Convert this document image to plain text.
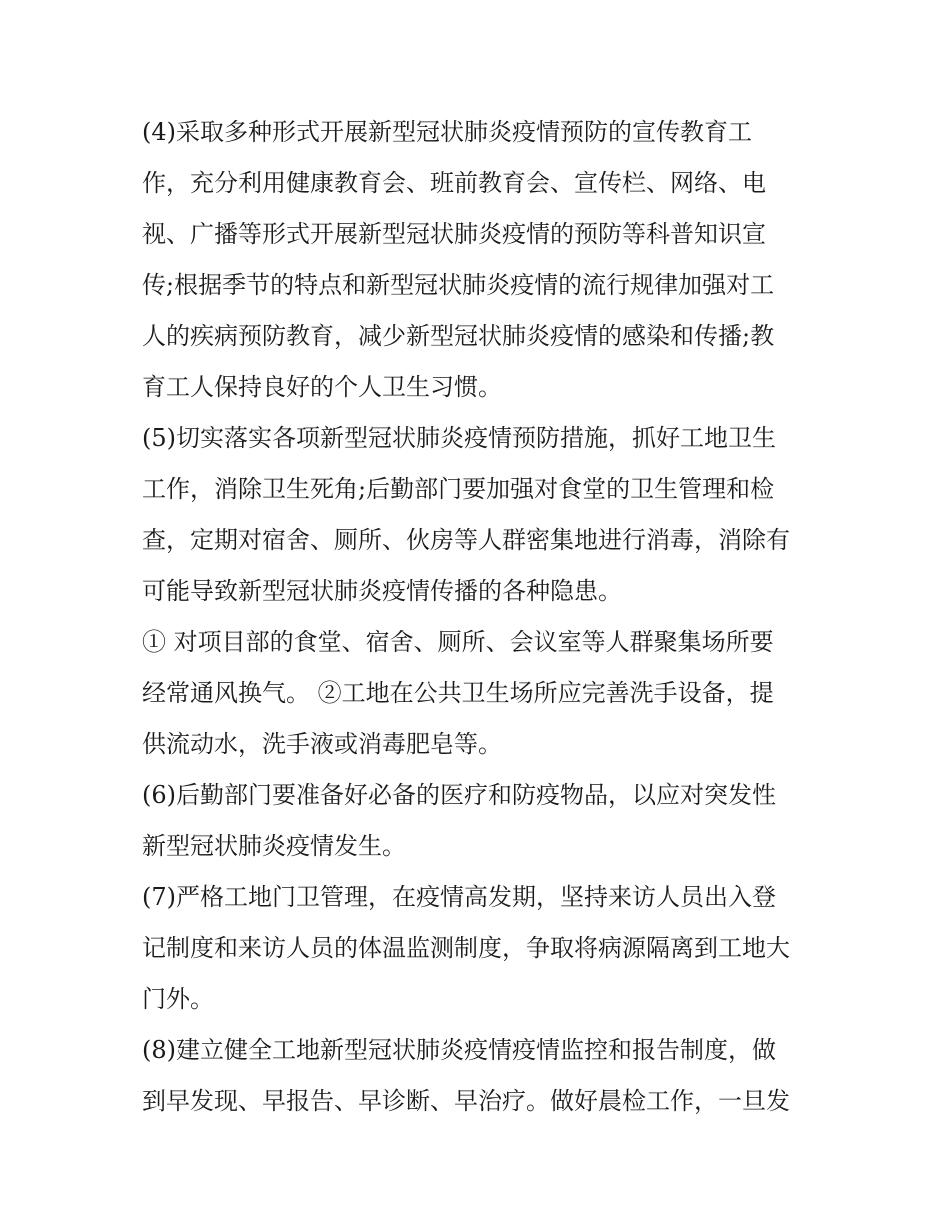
(4)采取多种形式开展新型冠状肺炎疫情预防的宣传教育工
作，充分利用健康教育会、班前教育会、宣传栏、网络、电
视、广播等形式开展新型冠状肺炎疫情的预防等科普知识宣
传;根据季节的特点和新型冠状肺炎疫情的流行规律加强对工
人的疾病预防教育，减少新型冠状肺炎疫情的感染和传播;教
育工人保持良好的个人卫生习惯。
(5)切实落实各项新型冠状肺炎疫情预防措施，抓好工地卫生
工作，消除卫生死角;后勤部门要加强对食堂的卫生管理和检
查，定期对宿舍、厕所、伙房等人群密集地进行消毒，消除有
可能导致新型冠状肺炎疫情传播的各种隐患。
① 对项目部的食堂、宿舍、厕所、会议室等人群聚集场所要
经常通风换气。 ②工地在公共卫生场所应完善洗手设备，提
供流动水，洗手液或消毒肥皂等。
(6)后勤部门要准备好必备的医疗和防疫物品，以应对突发性
新型冠状肺炎疫情发生。
(7)严格工地门卫管理，在疫情高发期，坚持来访人员出入登
记制度和来访人员的体温监测制度，争取将病源隔离到工地大
门外。
(8)建立健全工地新型冠状肺炎疫情疫情监控和报告制度，做
到早发现、早报告、早诊断、早治疗。做好晨检工作，一旦发
